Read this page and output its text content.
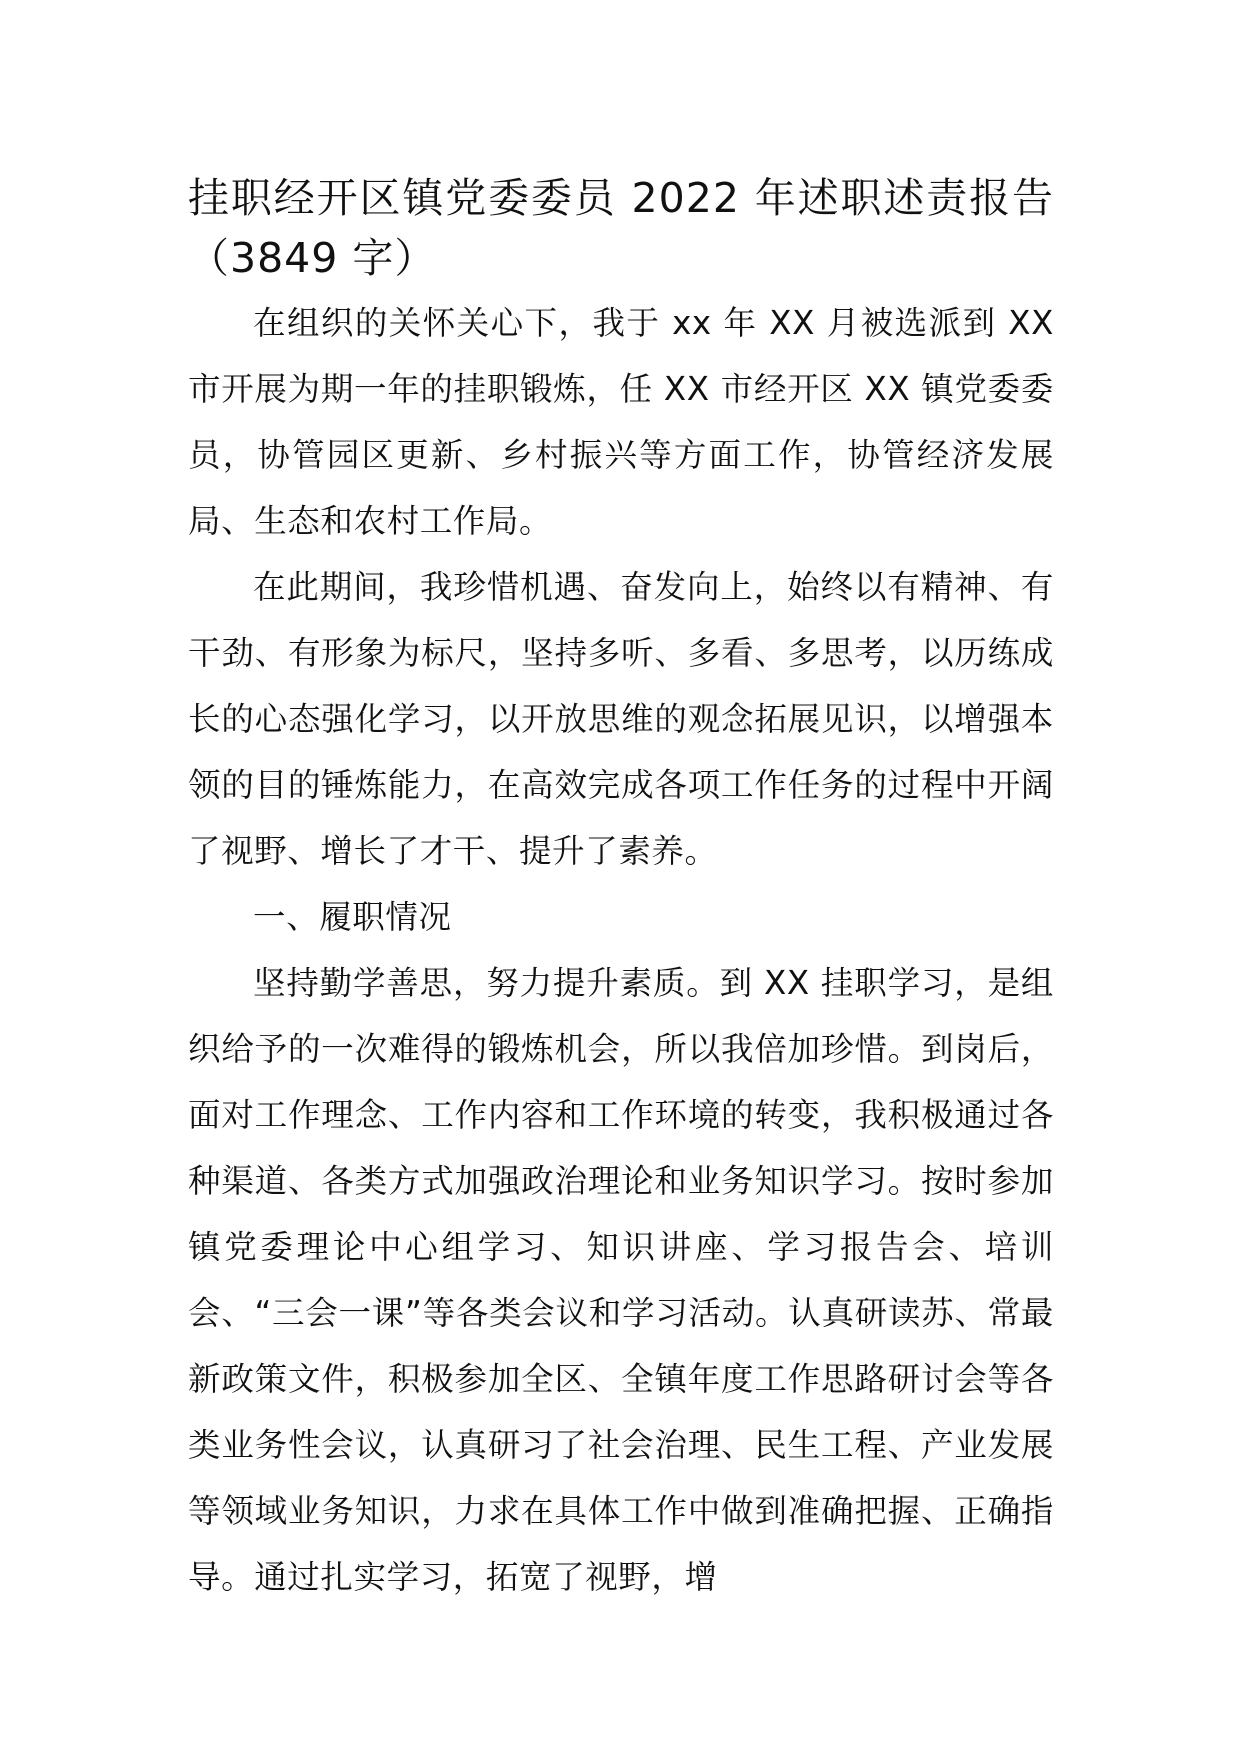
挂职经开区镇党委委员 2022 年述职述责报告（3849 字）

在组织的关怀关心下，我于 xx 年 XX 月被选派到 XX 市开展为期一年的挂职锻炼，任 XX 市经开区 XX 镇党委委员，协管园区更新、乡村振兴等方面工作，协管经济发展局、生态和农村工作局。

在此期间，我珍惜机遇、奋发向上，始终以有精神、有干劲、有形象为标尺，坚持多听、多看、多思考，以历练成长的心态强化学习，以开放思维的观念拓展见识，以增强本领的目的锤炼能力，在高效完成各项工作任务的过程中开阔了视野、增长了才干、提升了素养。

一、履职情况

坚持勤学善思，努力提升素质。到 XX 挂职学习，是组织给予的一次难得的锻炼机会，所以我倍加珍惜。到岗后，面对工作理念、工作内容和工作环境的转变，我积极通过各种渠道、各类方式加强政治理论和业务知识学习。按时参加镇党委理论中心组学习、知识讲座、学习报告会、培训会、“三会一课”等各类会议和学习活动。认真研读苏、常最新政策文件，积极参加全区、全镇年度工作思路研讨会等各类业务性会议，认真研习了社会治理、民生工程、产业发展等领域业务知识，力求在具体工作中做到准确把握、正确指导。通过扎实学习，拓宽了视野，增
